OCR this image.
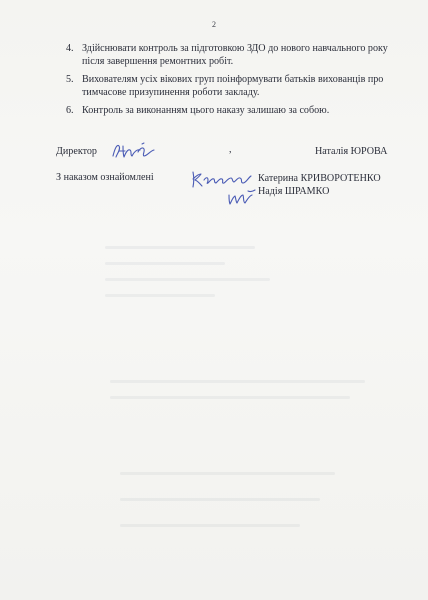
2
4. Здійснювати контроль за підготовкою ЗДО до нового навчального року після завершення ремонтних робіт.
5. Вихователям усіх вікових груп поінформувати батьків вихованців про тимчасове призупинення роботи закладу.
6. Контроль за виконанням цього наказу залишаю за собою.
Директор	,	Наталія ЮРОВА
З наказом ознайомлені	Катерина КРИВОРОТЕНКО
Надія ШРАМКО
